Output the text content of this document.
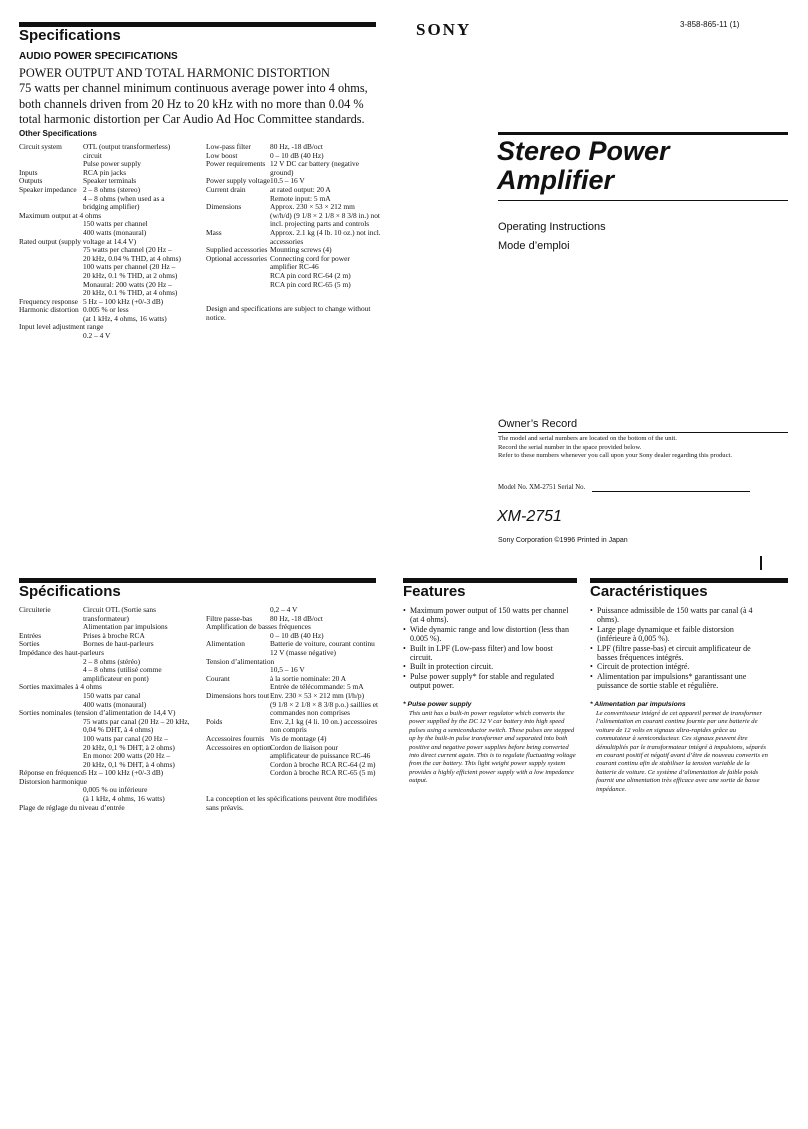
Specifications
AUDIO POWER SPECIFICATIONS
POWER OUTPUT AND TOTAL HARMONIC DISTORTION
75 watts per channel minimum continuous average power into 4 ohms,
both channels driven from 20 Hz to 20 kHz with no more than 0.04 %
total harmonic distortion per Car Audio Ad Hoc Committee standards.
Other Specifications
Circuit system	OTL (output transformerless)
circuit
Pulse power supply
Inputs	RCA pin jacks
Outputs	Speaker terminals
Speaker impedance 2 – 8 ohms (stereo)
4 – 8 ohms (when used as a
bridging amplifier)
Maximum output at 4 ohms
150 watts per channel
400 watts (monaural)
Rated output (supply voltage at 14.4 V)
75 watts per channel (20 Hz –
20 kHz, 0.04 % THD, at 4 ohms)
100 watts per channel (20 Hz –
20 kHz, 0.1 % THD, at 2 ohms)
Monaural: 200 watts (20 Hz –
20 kHz, 0.1 % THD, at 4 ohms)
Frequency response 5 Hz – 100 kHz (+0/-3 dB)
Harmonic distortion 0.005 % or less
(at 1 kHz, 4 ohms, 16 watts)
Input level adjustment range
0.2 – 4 V
Low-pass filter	80 Hz, -18 dB/oct
Low boost	0 – 10 dB (40 Hz)
Power requirements 12 V DC car battery (negative
ground)
Power supply voltage 10.5 – 16 V
Current drain	at rated output: 20 A
Remote input: 5 mA
Dimensions	Approx. 230 × 53 × 212 mm
(w/h/d) (9 1/8 × 2 1/8 × 8 3/8 in.) not
incl. projecting parts and controls
Mass	Approx. 2.1 kg (4 lb. 10 oz.) not incl.
accessories
Supplied accessories Mounting screws (4)
Optional accessories Connecting cord for power
amplifier RC-46
RCA pin cord RC-64 (2 m)
RCA pin cord RC-65 (5 m)
Design and specifications are subject to change without notice.
SONY	3-858-865-11 (1)
Stereo Power
Amplifier
Operating Instructions
Mode d’emploi
Owner’s Record
The model and serial numbers are located on the bottom of the unit.
Record the serial number in the space provided below.
Refer to these numbers whenever you call upon your Sony dealer regarding this product.
Model No. XM-2751 Serial No.
XM-2751
Sony Corporation ©1996 Printed in Japan
Spécifications
Circuiterie	Circuit OTL (Sortie sans
transformateur)
Alimentation par impulsions
Entrées	Prises à broche RCA
Sorties	Bornes de haut-parleurs
Impédance des haut-parleurs
2 – 8 ohms (stéréo)
4 – 8 ohms (utilisé comme
amplificateur en pont)
Sorties maximales à 4 ohms
150 watts par canal
400 watts (monaural)
Sorties nominales (tension d’alimentation de 14,4 V)
75 watts par canal (20 Hz – 20 kHz,
0,04 % DHT, à 4 ohms)
100 watts par canal (20 Hz –
20 kHz, 0,1 % DHT, à 2 ohms)
En mono: 200 watts (20 Hz –
20 kHz, 0,1 % DHT, à 4 ohms)
Réponse en fréquence
5 Hz – 100 kHz (+0/-3 dB)
Distorsion harmonique
0,005 % ou inférieure
(à 1 kHz, 4 ohms, 16 watts)
Plage de réglage du niveau d’entrée
0,2 – 4 V
Filtre passe-bas	80 Hz, -18 dB/oct
Amplification de basses fréquences
0 – 10 dB (40 Hz)
Alimentation	Batterie de voiture, courant continu
12 V (masse négative)
Tension d’alimentation
10,5 – 16 V
Courant	à la sortie nominale: 20 A
Entrée de télécommande: 5 mA
Dimensions hors tout Env. 230 × 53 × 212 mm (l/h/p)
(9 1/8 × 2 1/8 × 8 3/8 p.o.) saillies et
commandes non comprises
Poids	Env. 2,1 kg (4 li. 10 on.) accessoires
non compris
Accessoires fournis Vis de montage (4)
Accessoires en option Cordon de liaison pour
amplificateur de puissance RC-46
Cordon à broche RCA RC-64 (2 m)
Cordon à broche RCA RC-65 (5 m)
La conception et les spécifications peuvent être modifiées sans préavis.
Features
• Maximum power output of 150 watts per channel (at 4 ohms).
• Wide dynamic range and low distortion (less than 0.005 %).
• Built in LPF (Low-pass filter) and low boost circuit.
• Built in protection circuit.
• Pulse power supply* for stable and regulated output power.
* Pulse power supply
This unit has a built-in power regulator which converts the power supplied by the DC 12 V car battery into high speed pulses using a semiconductor switch. These pulses are stepped up by the built-in pulse transformer and separated into both positive and negative power supplies before being converted into direct current again. This is to regulate fluctuating voltage from the car battery. This light weight power supply system provides a highly efficient power supply with a low impedance output.
Caractéristiques
• Puissance admissible de 150 watts par canal (à 4 ohms).
• Large plage dynamique et faible distorsion (inférieure à 0,005 %).
• LPF (filtre passe-bas) et circuit amplificateur de basses fréquences intégrés.
• Circuit de protection intégré.
• Alimentation par impulsions* garantissant une puissance de sortie stable et régulière.
* Alimentation par impulsions
Le convertisseur intégré de cet appareil permet de transformer l’alimentation en courant continu fournie par une batterie de voiture de 12 volts en signaux ultra-rapides grâce au commutateur à semiconducteur. Ces signaux peuvent être démultipliés par le transformateur intégré à impulsions, séparés en courant positif et négatif avant d’être de nouveau convertis en courant continu afin de stabiliser la tension variable de la batterie de voiture. Ce système d’alimentation de faible poids fournit une alimentation très efficace avec une sortie de basse impédance.
